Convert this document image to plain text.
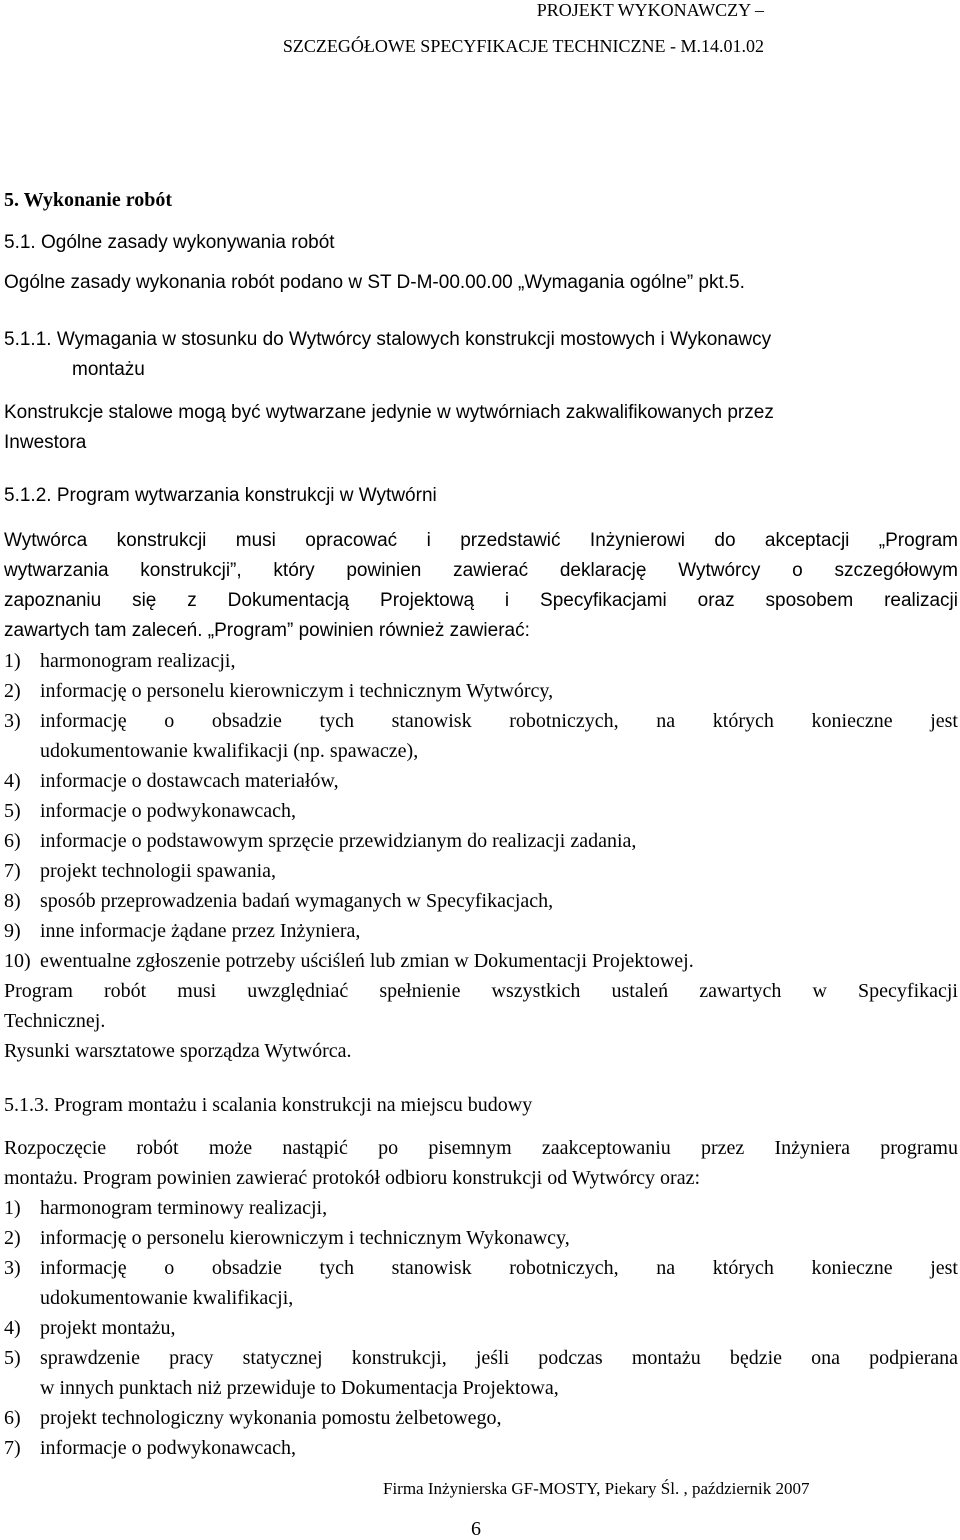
PROJEKT WYKONAWCZY –
SZCZEGÓŁOWE SPECYFIKACJE TECHNICZNE - M.14.01.02
5. Wykonanie robót
5.1. Ogólne zasady wykonywania robót
Ogólne zasady wykonania robót podano w ST D-M-00.00.00 „Wymagania ogólne” pkt.5.
5.1.1. Wymagania w stosunku do Wytwórcy stalowych konstrukcji mostowych i Wykonawcy
montażu
Konstrukcje stalowe mogą być wytwarzane jedynie w wytwórniach zakwalifikowanych przez
Inwestora
5.1.2. Program wytwarzania konstrukcji w Wytwórni
Wytwórca konstrukcji musi opracować i przedstawić Inżynierowi do akceptacji „Program
wytwarzania konstrukcji”, który powinien zawierać deklarację Wytwórcy o szczegółowym
zapoznaniu się z Dokumentacją Projektową i Specyfikacjami oraz sposobem realizacji
zawartych tam zaleceń. „Program” powinien również zawierać:
1) harmonogram realizacji,
2) informację o personelu kierowniczym i technicznym Wytwórcy,
3) informację o obsadzie tych stanowisk robotniczych, na których konieczne jest
udokumentowanie kwalifikacji (np. spawacze),
4) informacje o dostawcach materiałów,
5) informacje o podwykonawcach,
6) informacje o podstawowym sprzęcie przewidzianym do realizacji zadania,
7) projekt technologii spawania,
8) sposób przeprowadzenia badań wymaganych w Specyfikacjach,
9) inne informacje żądane przez Inżyniera,
10) ewentualne zgłoszenie potrzeby uściśleń lub zmian w Dokumentacji Projektowej.
Program robót musi uwzględniać spełnienie wszystkich ustaleń zawartych w Specyfikacji
Technicznej.
Rysunki warsztatowe sporządza Wytwórca.
5.1.3. Program montażu i scalania konstrukcji na miejscu budowy
Rozpoczęcie robót może nastąpić po pisemnym zaakceptowaniu przez Inżyniera programu
montażu. Program powinien zawierać protokół odbioru konstrukcji od Wytwórcy oraz:
1) harmonogram terminowy realizacji,
2) informację o personelu kierowniczym i technicznym Wykonawcy,
3) informację o obsadzie tych stanowisk robotniczych, na których konieczne jest
udokumentowanie kwalifikacji,
4) projekt montażu,
5) sprawdzenie pracy statycznej konstrukcji, jeśli podczas montażu będzie ona podpierana
w innych punktach niż przewiduje to Dokumentacja Projektowa,
6) projekt technologiczny wykonania pomostu żelbetowego,
7) informacje o podwykonawcach,
Firma Inżynierska GF-MOSTY, Piekary Śl. , październik 2007
6
